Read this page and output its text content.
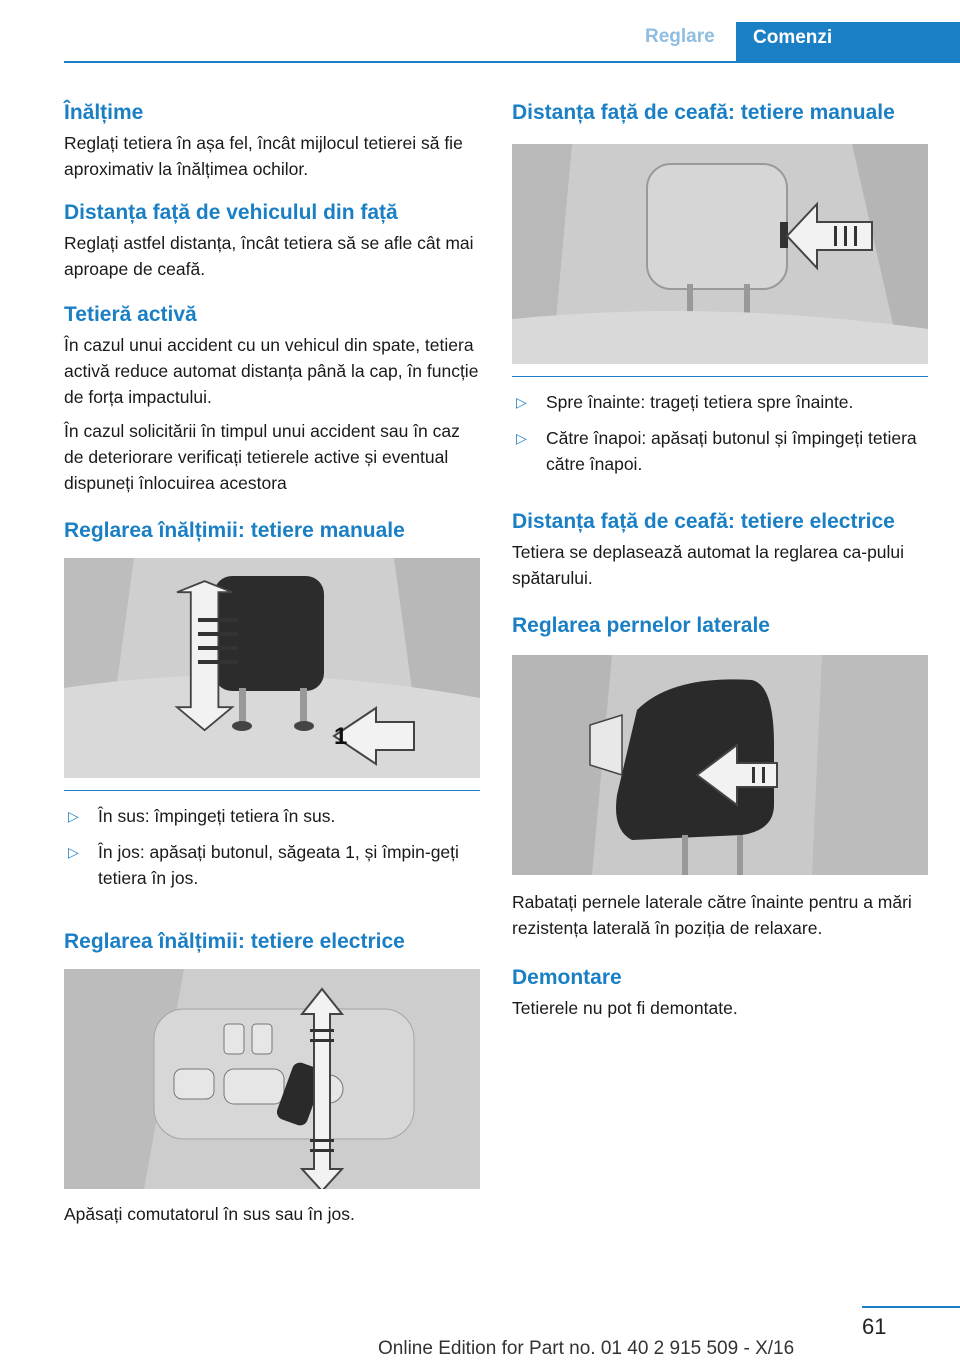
Reglare Comenzi
Înălțime

Reglați tetiera în așa fel, încât mijlocul tetierei să fie aproximativ la înălțimea ochilor.

Distanța față de vehiculul din față

Reglați astfel distanța, încât tetiera să se afle cât mai aproape de ceafă.

Tetieră activă

În cazul unui accident cu un vehicul din spate, tetiera activă reduce automat distanța până la cap, în funcție de forța impactului.

În cazul solicitării în timpul unui accident sau în caz de deteriorare verificați tetierele active și eventual dispuneți înlocuirea acestora

Reglarea înălțimii: tetiere manuale
1
▷ În sus: împingeți tetiera în sus.
▷ În jos: apăsați butonul, săgeata 1, și împin‐geți tetiera în jos.
Reglarea înălțimii: tetiere electrice

Apăsați comutatorul în sus sau în jos.

Distanța față de ceafă: tetiere manuale
▷ Spre înainte: trageți tetiera spre înainte.
▷ Către înapoi: apăsați butonul și împingeți tetiera către înapoi.
Distanța față de ceafă: tetiere electrice

Tetiera se deplasează automat la reglarea ca‐pului spătarului.

Reglarea pernelor laterale

Rabatați pernele laterale către înainte pentru a mări rezistența laterală în poziția de relaxare.

Demontare

Tetierele nu pot fi demontate.

61
Online Edition for Part no. 01 40 2 915 509 - X/16
